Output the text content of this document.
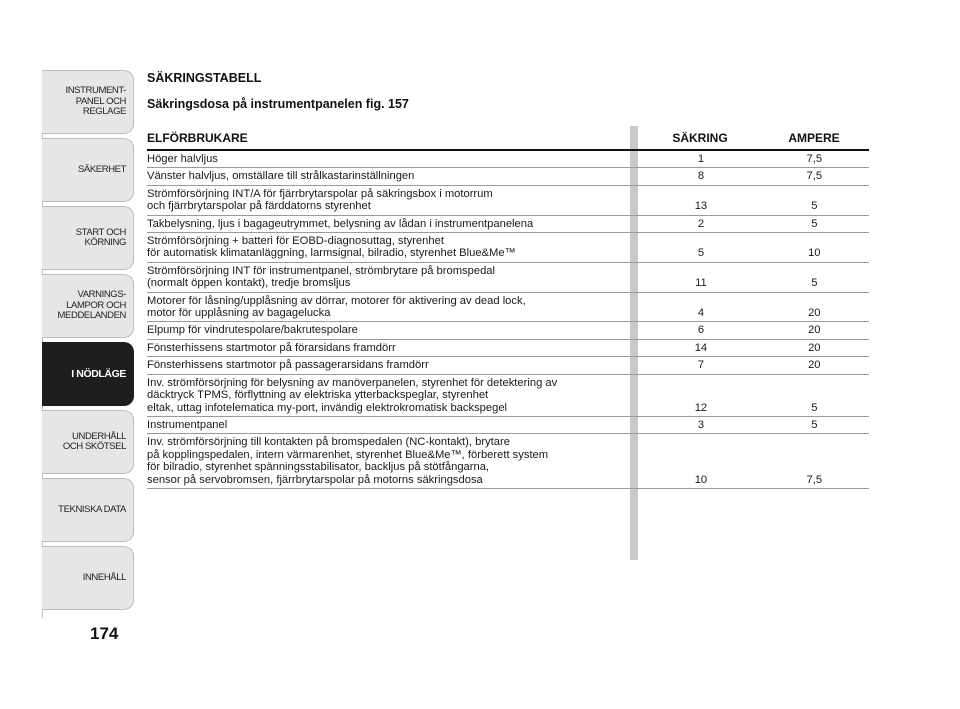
INSTRUMENT-
PANEL OCH
REGLAGE
SÄKERHET
START OCH
KÖRNING
VARNINGS-
LAMPOR OCH
MEDDELANDEN
I NÖDLÄGE
UNDERHÅLL
OCH SKÖTSEL
TEKNISKA DATA
INNEHÅLL
174
SÄKRINGSTABELL
Säkringsdosa på instrumentpanelen fig. 157
ELFÖRBRUKARE	SÄKRING	AMPERE
Höger halvljus	1	7,5
Vänster halvljus, omställare till strålkastarinställningen	8	7,5
Strömförsörjning INT/A för fjärrbrytarspolar på säkringsbox i motorrum
och fjärrbrytarspolar på färddatorns styrenhet	13	5
Takbelysning, ljus i bagageutrymmet, belysning av lådan i instrumentpanelena	2	5
Strömförsörjning + batteri för EOBD-diagnosuttag, styrenhet
för automatisk klimatanläggning, larmsignal, bilradio, styrenhet Blue&Me™	5	10
Strömförsörjning INT för instrumentpanel, strömbrytare på bromspedal
(normalt öppen kontakt), tredje bromsljus	11	5
Motorer för låsning/upplåsning av dörrar, motorer för aktivering av dead lock,
motor för upplåsning av bagagelucka	4	20
Elpump för vindrutespolare/bakrutespolare	6	20
Fönsterhissens startmotor på förarsidans framdörr	14	20
Fönsterhissens startmotor på passagerarsidans framdörr	7	20
Inv. strömförsörjning för belysning av manöverpanelen, styrenhet för detektering av
däcktryck TPMS, förflyttning av elektriska ytterbackspeglar, styrenhet
eltak, uttag infotelematica my-port, invändig elektrokromatisk backspegel	12	5
Instrumentpanel	3	5
Inv. strömförsörjning till kontakten på bromspedalen (NC-kontakt), brytare
på kopplingspedalen, intern värmarenhet, styrenhet Blue&Me™, förberett system
för bilradio, styrenhet spänningsstabilisator, backljus på stötfångarna,
sensor på servobromsen, fjärrbrytarspolar på motorns säkringsdosa	10	7,5
